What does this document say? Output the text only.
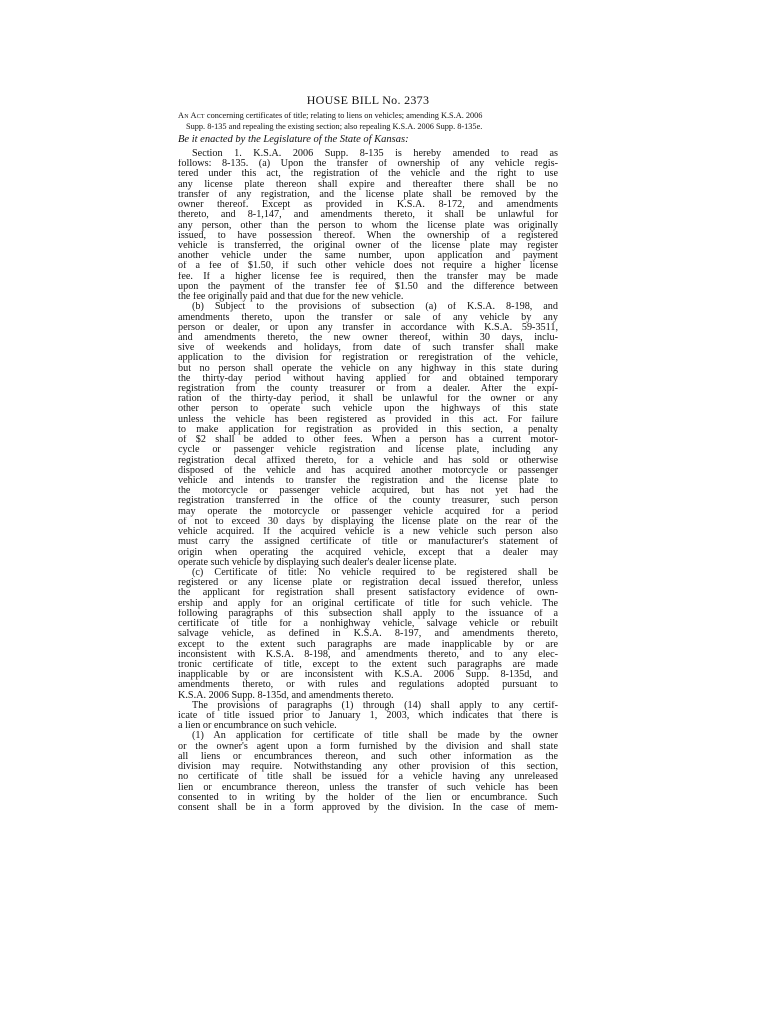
HOUSE BILL No. 2373
An Act concerning certificates of title; relating to liens on vehicles; amending K.S.A. 2006
Supp. 8-135 and repealing the existing section; also repealing K.S.A. 2006 Supp. 8-135e.
Be it enacted by the Legislature of the State of Kansas:
Section 1. K.S.A. 2006 Supp. 8-135 is hereby amended to read as
follows: 8-135. (a) Upon the transfer of ownership of any vehicle regis-
tered under this act, the registration of the vehicle and the right to use
any license plate thereon shall expire and thereafter there shall be no
transfer of any registration, and the license plate shall be removed by the
owner thereof. Except as provided in K.S.A. 8-172, and amendments
thereto, and 8-1,147, and amendments thereto, it shall be unlawful for
any person, other than the person to whom the license plate was originally
issued, to have possession thereof. When the ownership of a registered
vehicle is transferred, the original owner of the license plate may register
another vehicle under the same number, upon application and payment
of a fee of $1.50, if such other vehicle does not require a higher license
fee. If a higher license fee is required, then the transfer may be made
upon the payment of the transfer fee of $1.50 and the difference between
the fee originally paid and that due for the new vehicle.
(b) Subject to the provisions of subsection (a) of K.S.A. 8-198, and
amendments thereto, upon the transfer or sale of any vehicle by any
person or dealer, or upon any transfer in accordance with K.S.A. 59-3511,
and amendments thereto, the new owner thereof, within 30 days, inclu-
sive of weekends and holidays, from date of such transfer shall make
application to the division for registration or reregistration of the vehicle,
but no person shall operate the vehicle on any highway in this state during
the thirty-day period without having applied for and obtained temporary
registration from the county treasurer or from a dealer. After the expi-
ration of the thirty-day period, it shall be unlawful for the owner or any
other person to operate such vehicle upon the highways of this state
unless the vehicle has been registered as provided in this act. For failure
to make application for registration as provided in this section, a penalty
of $2 shall be added to other fees. When a person has a current motor-
cycle or passenger vehicle registration and license plate, including any
registration decal affixed thereto, for a vehicle and has sold or otherwise
disposed of the vehicle and has acquired another motorcycle or passenger
vehicle and intends to transfer the registration and the license plate to
the motorcycle or passenger vehicle acquired, but has not yet had the
registration transferred in the office of the county treasurer, such person
may operate the motorcycle or passenger vehicle acquired for a period
of not to exceed 30 days by displaying the license plate on the rear of the
vehicle acquired. If the acquired vehicle is a new vehicle such person also
must carry the assigned certificate of title or manufacturer's statement of
origin when operating the acquired vehicle, except that a dealer may
operate such vehicle by displaying such dealer's dealer license plate.
(c) Certificate of title: No vehicle required to be registered shall be
registered or any license plate or registration decal issued therefor, unless
the applicant for registration shall present satisfactory evidence of own-
ership and apply for an original certificate of title for such vehicle. The
following paragraphs of this subsection shall apply to the issuance of a
certificate of title for a nonhighway vehicle, salvage vehicle or rebuilt
salvage vehicle, as defined in K.S.A. 8-197, and amendments thereto,
except to the extent such paragraphs are made inapplicable by or are
inconsistent with K.S.A. 8-198, and amendments thereto, and to any elec-
tronic certificate of title, except to the extent such paragraphs are made
inapplicable by or are inconsistent with K.S.A. 2006 Supp. 8-135d, and
amendments thereto, or with rules and regulations adopted pursuant to
K.S.A. 2006 Supp. 8-135d, and amendments thereto.
The provisions of paragraphs (1) through (14) shall apply to any certif-
icate of title issued prior to January 1, 2003, which indicates that there is
a lien or encumbrance on such vehicle.
(1) An application for certificate of title shall be made by the owner
or the owner's agent upon a form furnished by the division and shall state
all liens or encumbrances thereon, and such other information as the
division may require. Notwithstanding any other provision of this section,
no certificate of title shall be issued for a vehicle having any unreleased
lien or encumbrance thereon, unless the transfer of such vehicle has been
consented to in writing by the holder of the lien or encumbrance. Such
consent shall be in a form approved by the division. In the case of mem-
